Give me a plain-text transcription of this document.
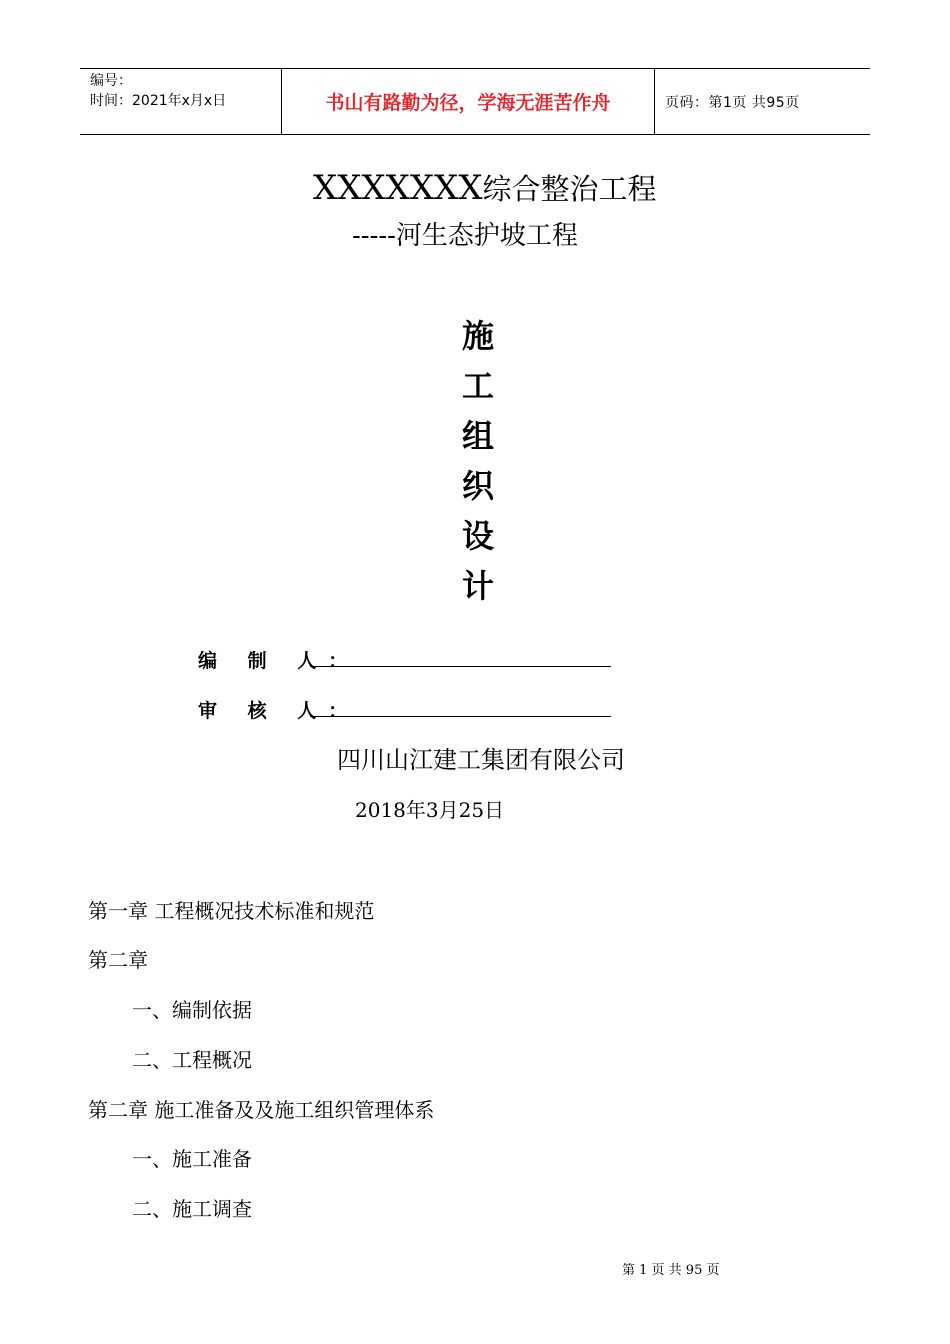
编号：
时间：2021年x月x日	书山有路勤为径，学海无涯苦作舟	页码：第1页 共95页
XXXXXXX综合整治工程
-----河生态护坡工程
施
工
组
织
设
计
编 制 人：
审 核 人：
四川山江建工集团有限公司
2018年3月25日
第一章 工程概况技术标准和规范
第二章
一、编制依据
二、工程概况
第二章 施工准备及及施工组织管理体系
一、施工准备
二、施工调查
第 1 页 共 95 页
